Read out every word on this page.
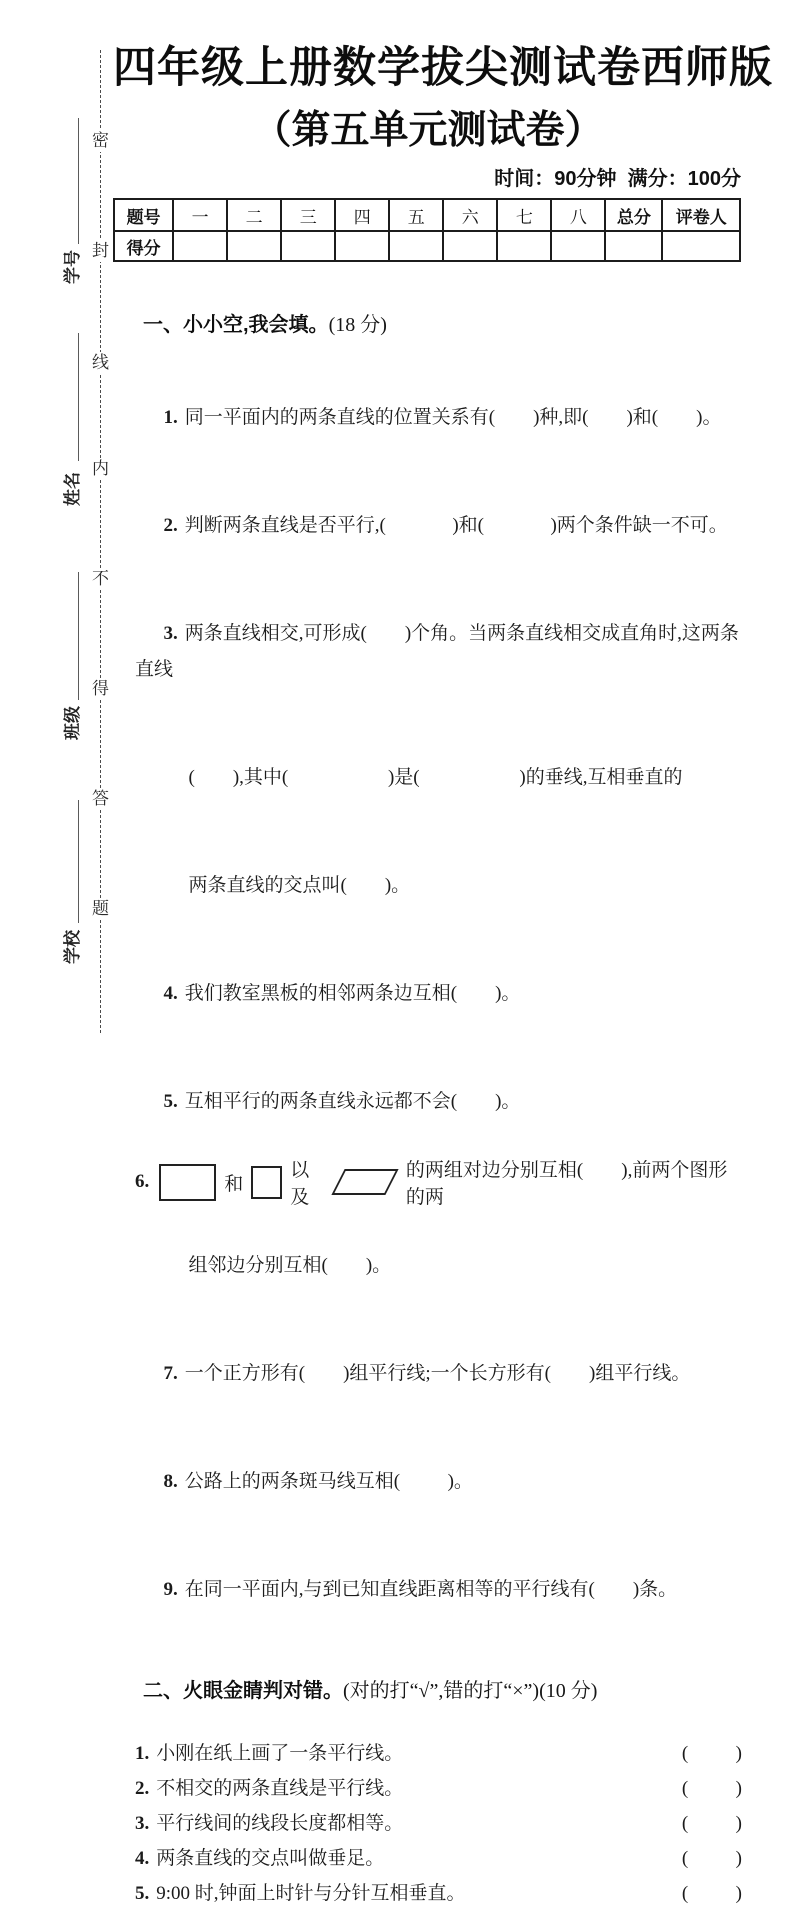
密
封
线
内
不
得
答
题
学号
姓名
班级
学校
四年级上册数学拔尖测试卷西师版
（第五单元测试卷）
时间：90分钟  满分：100分
题号	一	二	三	四	五	六	七	八	总分	评卷人
得分										

一、小小空,我会填。(18 分)

1. 同一平面内的两条直线的位置关系有(        )种,即(        )和(        )。

2. 判断两条直线是否平行,(              )和(              )两个条件缺一不可。

3. 两条直线相交,可形成(        )个角。当两条直线相交成直角时,这两条直线

(        ),其中(                     )是(                     )的垂线,互相垂直的

两条直线的交点叫(        )。

4. 我们教室黑板的相邻两条边互相(        )。

5. 互相平行的两条直线永远都不会(        )。

6.	和
以及
的两组对边分别互相(        ),前两个图形的两

组邻边分别互相(        )。

7. 一个正方形有(        )组平行线;一个长方形有(        )组平行线。

8. 公路上的两条斑马线互相(          )。

9. 在同一平面内,与到已知直线距离相等的平行线有(        )条。

二、火眼金睛判对错。(对的打“√”,错的打“×”)(10 分)

1. 小刚在纸上画了一条平行线。	(          )
2. 不相交的两条直线是平行线。	(          )
3. 平行线间的线段长度都相等。	(          )
4. 两条直线的交点叫做垂足。	(          )
5. 9:00 时,钟面上时针与分针互相垂直。	(          )
